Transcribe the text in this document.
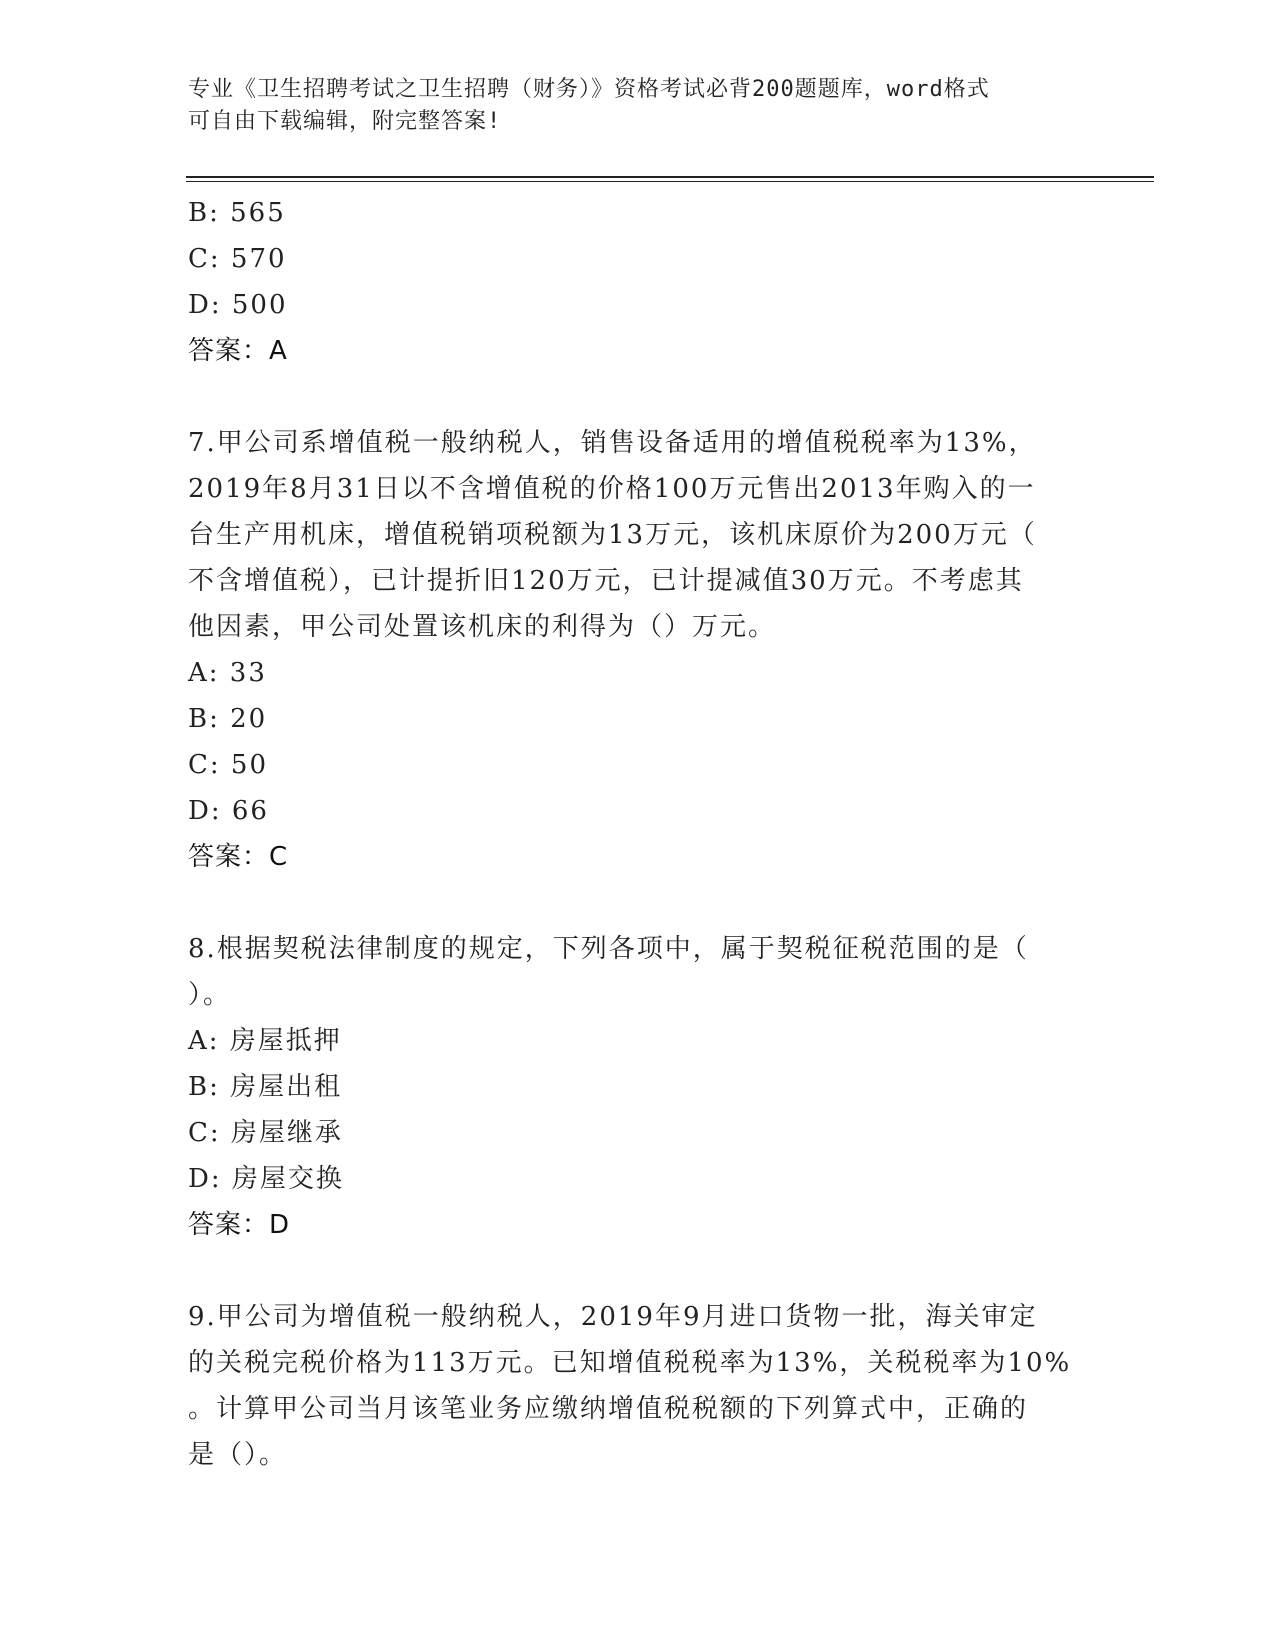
专业《卫生招聘考试之卫生招聘（财务）》资格考试必背200题题库，word格式
可自由下载编辑，附完整答案!
B: 565
C: 570
D: 500
答案：A
7.甲公司系增值税一般纳税人，销售设备适用的增值税税率为13%，
2019年8月31日以不含增值税的价格100万元售出2013年购入的一
台生产用机床，增值税销项税额为13万元，该机床原价为200万元（
不含增值税），已计提折旧120万元，已计提减值30万元。不考虑其
他因素，甲公司处置该机床的利得为（）万元。
A: 33
B: 20
C: 50
D: 66
答案：C
8.根据契税法律制度的规定，下列各项中，属于契税征税范围的是（
）。
A: 房屋抵押
B: 房屋出租
C: 房屋继承
D: 房屋交换
答案：D
9.甲公司为增值税一般纳税人，2019年9月进口货物一批，海关审定
的关税完税价格为113万元。已知增值税税率为13%，关税税率为10%
。计算甲公司当月该笔业务应缴纳增值税税额的下列算式中，正确的
是（）。
